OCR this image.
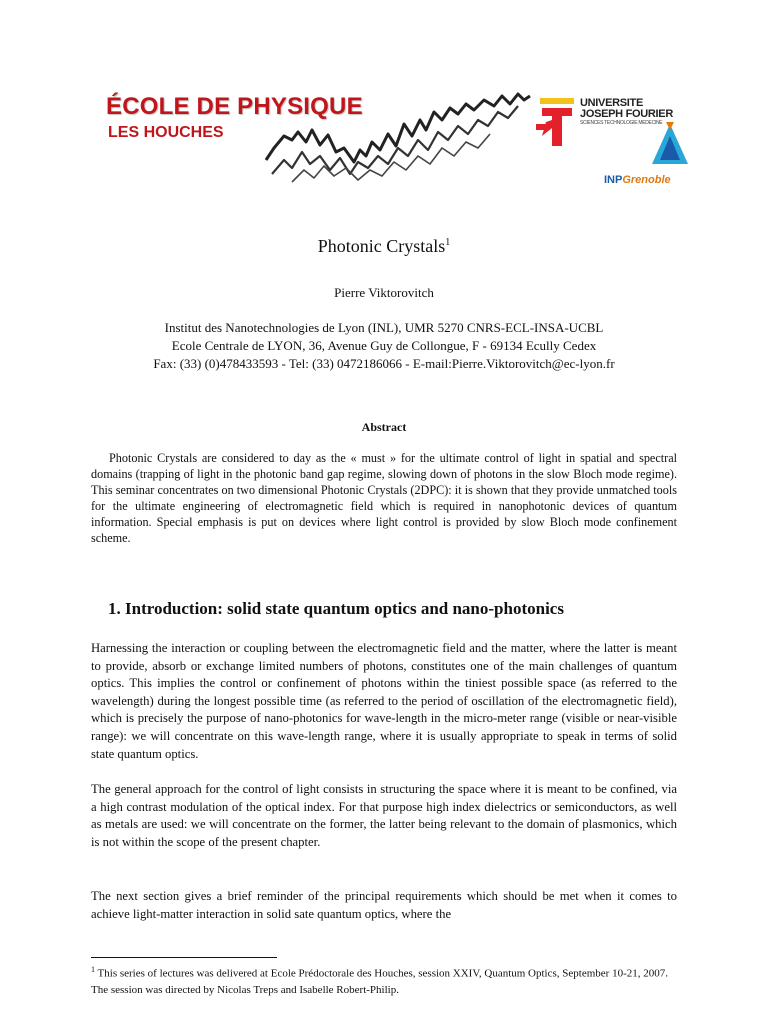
ÉCOLE DE PHYSIQUE
LES HOUCHES
UNIVERSITE
JOSEPH FOURIER
SCIENCES TECHNOLOGIE MEDECINE
INPGrenoble
Photonic Crystals$^1$
Pierre Viktorovitch
Institut des Nanotechnologies de Lyon (INL), UMR 5270 CNRS-ECL-INSA-UCBL
Ecole Centrale de LYON, 36, Avenue Guy de Collongue, F - 69134 Ecully Cedex
Fax: (33) (0)478433593 - Tel: (33) 0472186066 - E-mail:Pierre.Viktorovitch@ec-lyon.fr
Abstract

Photonic Crystals are considered to day as the « must » for the ultimate control of light in spatial and spectral domains (trapping of light in the photonic band gap regime, slowing down of photons in the slow Bloch mode regime). This seminar concentrates on two dimensional Photonic Crystals (2DPC): it is shown that they provide unmatched tools for the ultimate engineering of electromagnetic field which is required in nanophotonic devices of quantum information. Special emphasis is put on devices where light control is provided by slow Bloch mode confinement scheme.

1. Introduction: solid state quantum optics and nano-photonics

Harnessing the interaction or coupling between the electromagnetic field and the matter, where the latter is meant to provide, absorb or exchange limited numbers of photons, constitutes one of the main challenges of quantum optics. This implies the control or confinement of photons within the tiniest possible space (as referred to the wavelength) during the longest possible time (as referred to the period of oscillation of the electromagnetic field), which is precisely the purpose of nano-photonics for wave-length in the micro-meter range (visible or near-visible range): we will concentrate on this wave-length range, where it is usually appropriate to speak in terms of solid state quantum optics.

The general approach for the control of light consists in structuring the space where it is meant to be confined, via a high contrast modulation of the optical index. For that purpose high index dielectrics or semiconductors, as well as metals are used: we will concentrate on the former, the latter being relevant to the domain of plasmonics, which is not within the scope of the present chapter.

The next section gives a brief reminder of the principal requirements which should be met when it comes to achieve light-matter interaction in solid sate quantum optics, where the

$^1$ This series of lectures was delivered at Ecole Prédoctorale des Houches, session XXIV, Quantum Optics, September 10-21, 2007. The session was directed by Nicolas Treps and Isabelle Robert-Philip.
